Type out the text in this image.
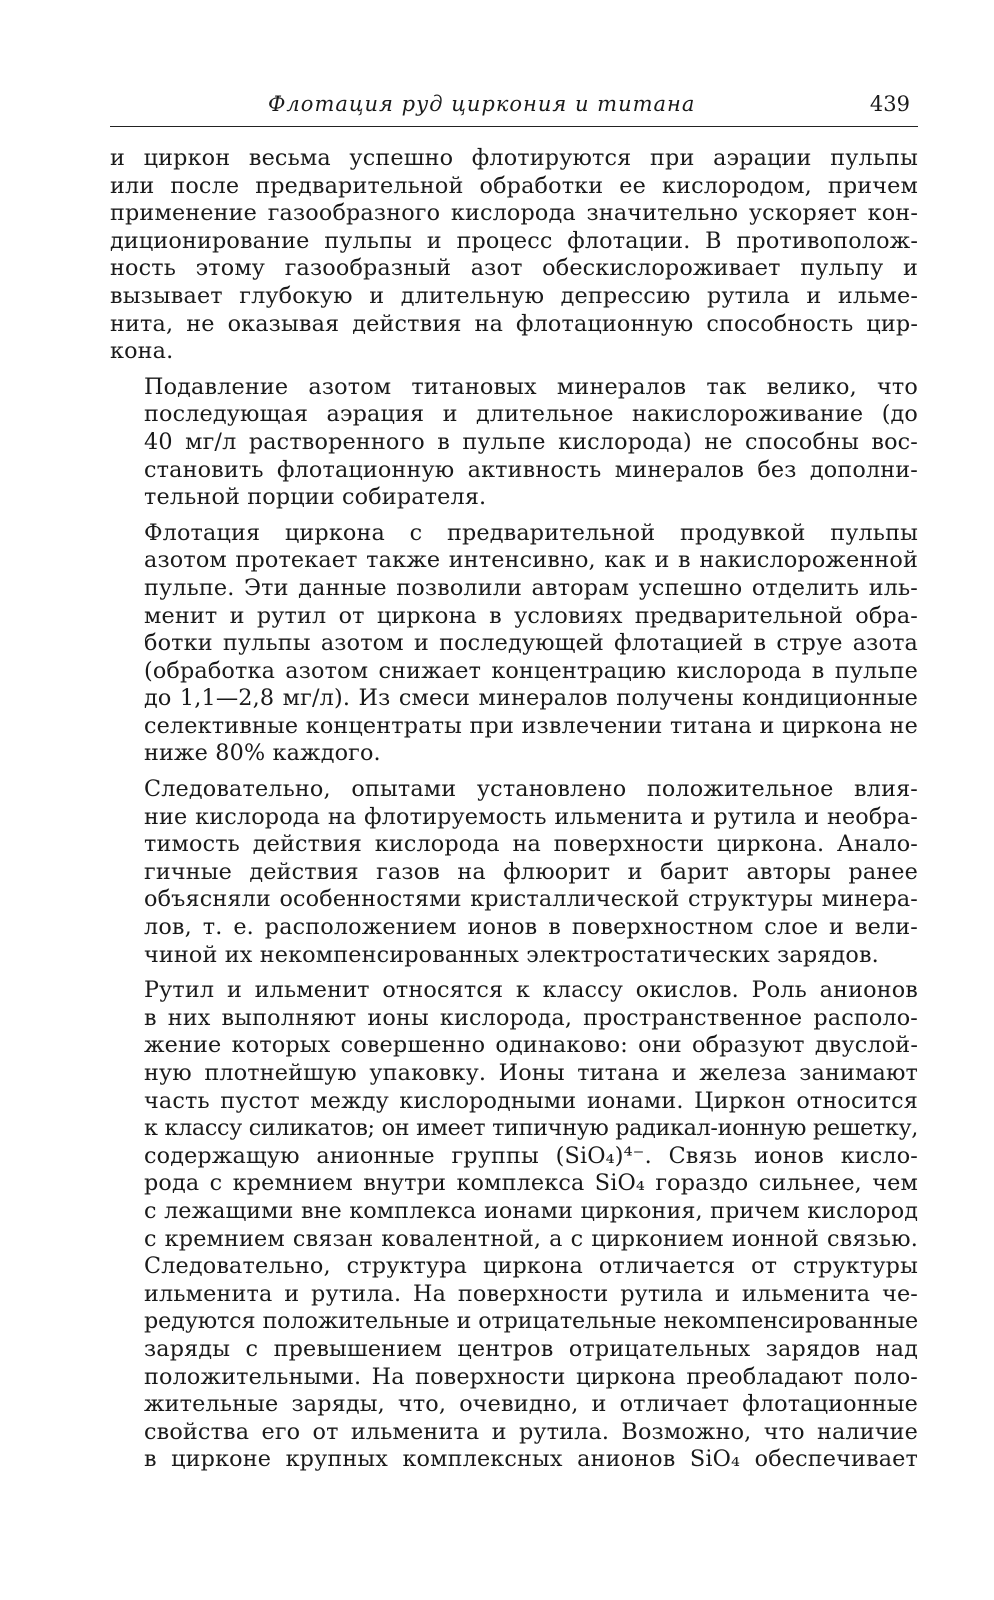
Флотация руд циркония и титана	439
и циркон весьма успешно флотируются при аэрации пульпы
или после предварительной обработки ее кислородом, причем
применение газообразного кислорода значительно ускоряет кон-
диционирование пульпы и процесс флотации. В противополож-
ность этому газообразный азот обескислороживает пульпу и
вызывает глубокую и длительную депрессию рутила и ильме-
нита, не оказывая действия на флотационную способность цир-
кона.
Подавление азотом титановых минералов так велико, что
последующая аэрация и длительное накислороживание (до
40 мг/л растворенного в пульпе кислорода) не способны вос-
становить флотационную активность минералов без дополни-
тельной порции собирателя.
Флотация циркона с предварительной продувкой пульпы
азотом протекает также интенсивно, как и в накислороженной
пульпе. Эти данные позволили авторам успешно отделить иль-
менит и рутил от циркона в условиях предварительной обра-
ботки пульпы азотом и последующей флотацией в струе азота
(обработка азотом снижает концентрацию кислорода в пульпе
до 1,1—2,8 мг/л). Из смеси минералов получены кондиционные
селективные концентраты при извлечении титана и циркона не
ниже 80% каждого.
Следовательно, опытами установлено положительное влия-
ние кислорода на флотируемость ильменита и рутила и необра-
тимость действия кислорода на поверхности циркона. Анало-
гичные действия газов на флюорит и барит авторы ранее
объясняли особенностями кристаллической структуры минера-
лов, т. е. расположением ионов в поверхностном слое и вели-
чиной их некомпенсированных электростатических зарядов.
Рутил и ильменит относятся к классу окислов. Роль анионов
в них выполняют ионы кислорода, пространственное располо-
жение которых совершенно одинаково: они образуют двуслой-
ную плотнейшую упаковку. Ионы титана и железа занимают
часть пустот между кислородными ионами. Циркон относится
к классу силикатов; он имеет типичную радикал-ионную решетку,
содержащую анионные группы (SiO₄)⁴⁻. Связь ионов кисло-
рода с кремнием внутри комплекса SiO₄ гораздо сильнее, чем
с лежащими вне комплекса ионами циркония, причем кислород
с кремнием связан ковалентной, а с цирконием ионной связью.
Следовательно, структура циркона отличается от структуры
ильменита и рутила. На поверхности рутила и ильменита че-
редуются положительные и отрицательные некомпенсированные
заряды с превышением центров отрицательных зарядов над
положительными. На поверхности циркона преобладают поло-
жительные заряды, что, очевидно, и отличает флотационные
свойства его от ильменита и рутила. Возможно, что наличие
в цирконе крупных комплексных анионов SiO₄ обеспечивает
